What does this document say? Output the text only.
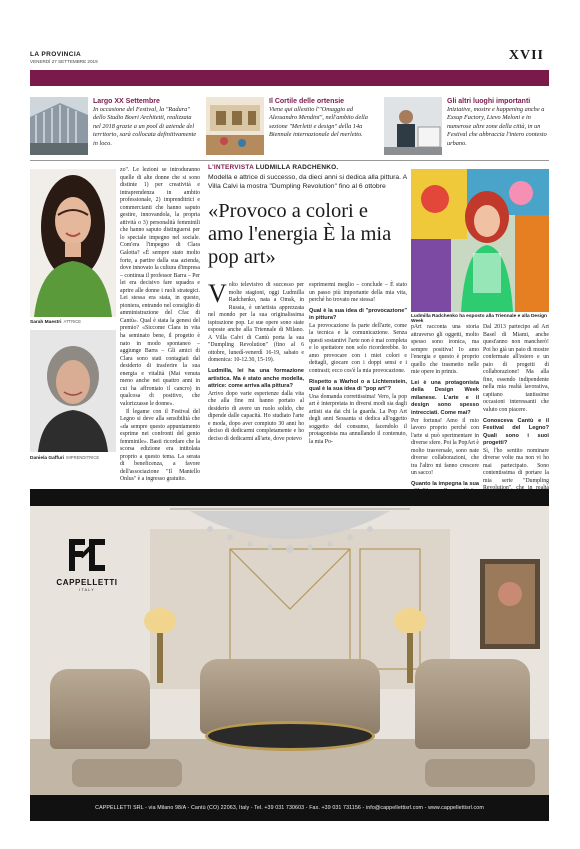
LA PROVINCIA
VENERDÌ 27 SETTEMBRE 2019	XVII
Largo XX Settembre
In occasione del Festival, la "Radura" dello Studio Boeri Architetti, realizzata nel 2018 grazie a un pool di aziende del territorio, sarà collocata definitivamente in loco.
Il Cortile delle ortensie
Viene qui allestito l'"Omaggio ad Alessandro Mendini", nell'ambito della sezione "Merletti e design" della 14a Biennale internazionale del merletto.
Gli altri luoghi importanti
Iniziative, mostre e happening anche a Exsup Factory, Lievo Meloni e in numerose altre zone della città, in un Festival che abbraccia l'intero contesto urbano.
Sarah Maestri ATTRICE
Daniela Gaffuri IMPRENDITRICE

zo". Le lezioni se introduranno quelle di alte donne che si sono distinte 1) per creatività e intraprendenza in ambito professionale, 2) imprenditrici e commercianti che hanno saputo gestire, innovandola, la propria attività o 3) personalità femminili che hanno saputo distinguersi per lo speciale impegno nel sociale. Com'era l'impegno di Clara Galotta? «È sempre stato molto forte, a partire dalla sua azienda, dove innovato la cultura d'impresa – continua il professor Barra – Per lei era decisivo fare squadra e aprire alle donne i ruoli strategici. Lei stessa era stata, in questo, pioniera, entrando nel consiglio di amministrazione del Cfac di Cantù». Qual è stata la genesi del premio? «Siccome Clara in vita ha seminato bene, il progetto è nato in modo spontaneo – aggiunge Barra – Gli amici di Clara sono stati contagiati dal desiderio di trasferire la sua energia e vitalità (Mai venuta meno anche nei quattro anni in cui ha affrontato il cancro) in qualcosa di positivo, che valorizzasse le donne».

Il legame con il Festival del Legno si deve alla sensibilità che «da sempre questo appuntamento esprime nei confronti del genio femminile». Basti ricordare che la scorsa edizione era intitolata proprio a questo tema. La serata di beneficenza, a favore dell'associazione "Il Mantello Onlus" è a ingresso gratuito.

L'INTERVISTA LUDMILLA RADCHENKO.
Modella e attrice di successo, da dieci anni si dedica alla pittura. A Villa Calvi la mostra "Dumpling Revolution" fino al 6 ottobre
«Provoco a colori e amo l'energia È la mia pop art»

Volto televisivo di successo per molte stagioni, oggi Ludmilla Radchenko, nata a Omsk, in Russia, è un'artista apprezzata nel mondo per la sua originalissima ispirazione pop. Le sue opere sono state esposte anche alla Triennale di Milano. A Villa Calvi di Cantù porta la sua "Dumpling Revolution" (fino al 6 ottobre, lunedì-venerdì 16-19, sabato e domenica: 10-12.30, 15-19).

Ludmilla, lei ha una formazione artistica. Ma è stato anche modella, attrice: come arriva alla pittura?

Arrivo dopo varie esperienze dalla vita che alla fine mi hanno portato al desiderio di avere un ruolo solido, che dipende dalle capacità. Ho studiato l'arte e moda, dopo aver compiuto 30 anni ho deciso di dedicarmi completamente e ho deciso di dedicarmi all'arte, dove potevo

esprimermi meglio – conclude – È stato un passo più importante della mia vita, perché ho trovato me stessa!

Qual è la sua idea di "provocazione" in pittura?

La provocazione fa parte dell'arte, come la tecnica e la comunicazione. Senza questi sostantivi l'arte non è mai completa e lo spettatore non solo ricorderebbe. Io amo provocare con i miei colori e dettagli, giocare con i doppi sensi e i contrasti; ecco cos'è la mia provocazione.

Rispetto a Warhol o a Lichtenstein, qual è la sua idea di "pop art"?

Una domanda correttissima! Vero, la pop art è interpretata in diversi modi sia dagli artisti sia dai chi la guarda. La Pop Art degli anni Sessanta si dedica all'oggetto soggetto del consumo, facendolo il protagonista ma annullando il contenuto, la mia Po-

Ludmilla Radchenko ha esposto alla Triennale e alla Design Week

pArt racconta una storia attraverso gli oggetti, molto spesso sono ironica, ma sempre positiva! Io amo l'energia e questo è proprio quello che trasmetto nelle mie opere in primis.

Lei è una protagonista della Design Week milanese. L'arte e il design sono spesso intrecciati. Come mai?

Per fortuna! Amo il mio lavoro proprio perché con l'arte si può sperimentare in diverse sfere. Poi la PopArt è molto trasversale, sono nate diverse collaborazioni, che tra l'altro mi fanno crescere un sacco!

Quanto la impegna la sua

Dal 2013 partecipo ad Art Basel di Miami, anche quest'anno non mancherò! Poi ho già un paio di mostre confermate all'estero e un paio di progetti di collaborazione! Ma alla fine, essendo indipendente nella mia realtà lavorativa, capitano tantissime occasioni interessanti che valuto con piacere.

Conosceva Cantù e il Festival del Legno? Quali sono i suoi progetti?

Sì, l'ho sentito nominare diverse volte ma non vi ho mai partecipato. Sono contentissima di portare la mia serie "Dumpling

CAPPELLETTI
ITALY
CAPPELLETTI SRL - via Milano 98/A - Cantù (CO) 22063, Italy - Tel. +39 031 730603 - Fax. +39 031 731156 - info@cappellettisrl.com - www.cappellettisrl.com
